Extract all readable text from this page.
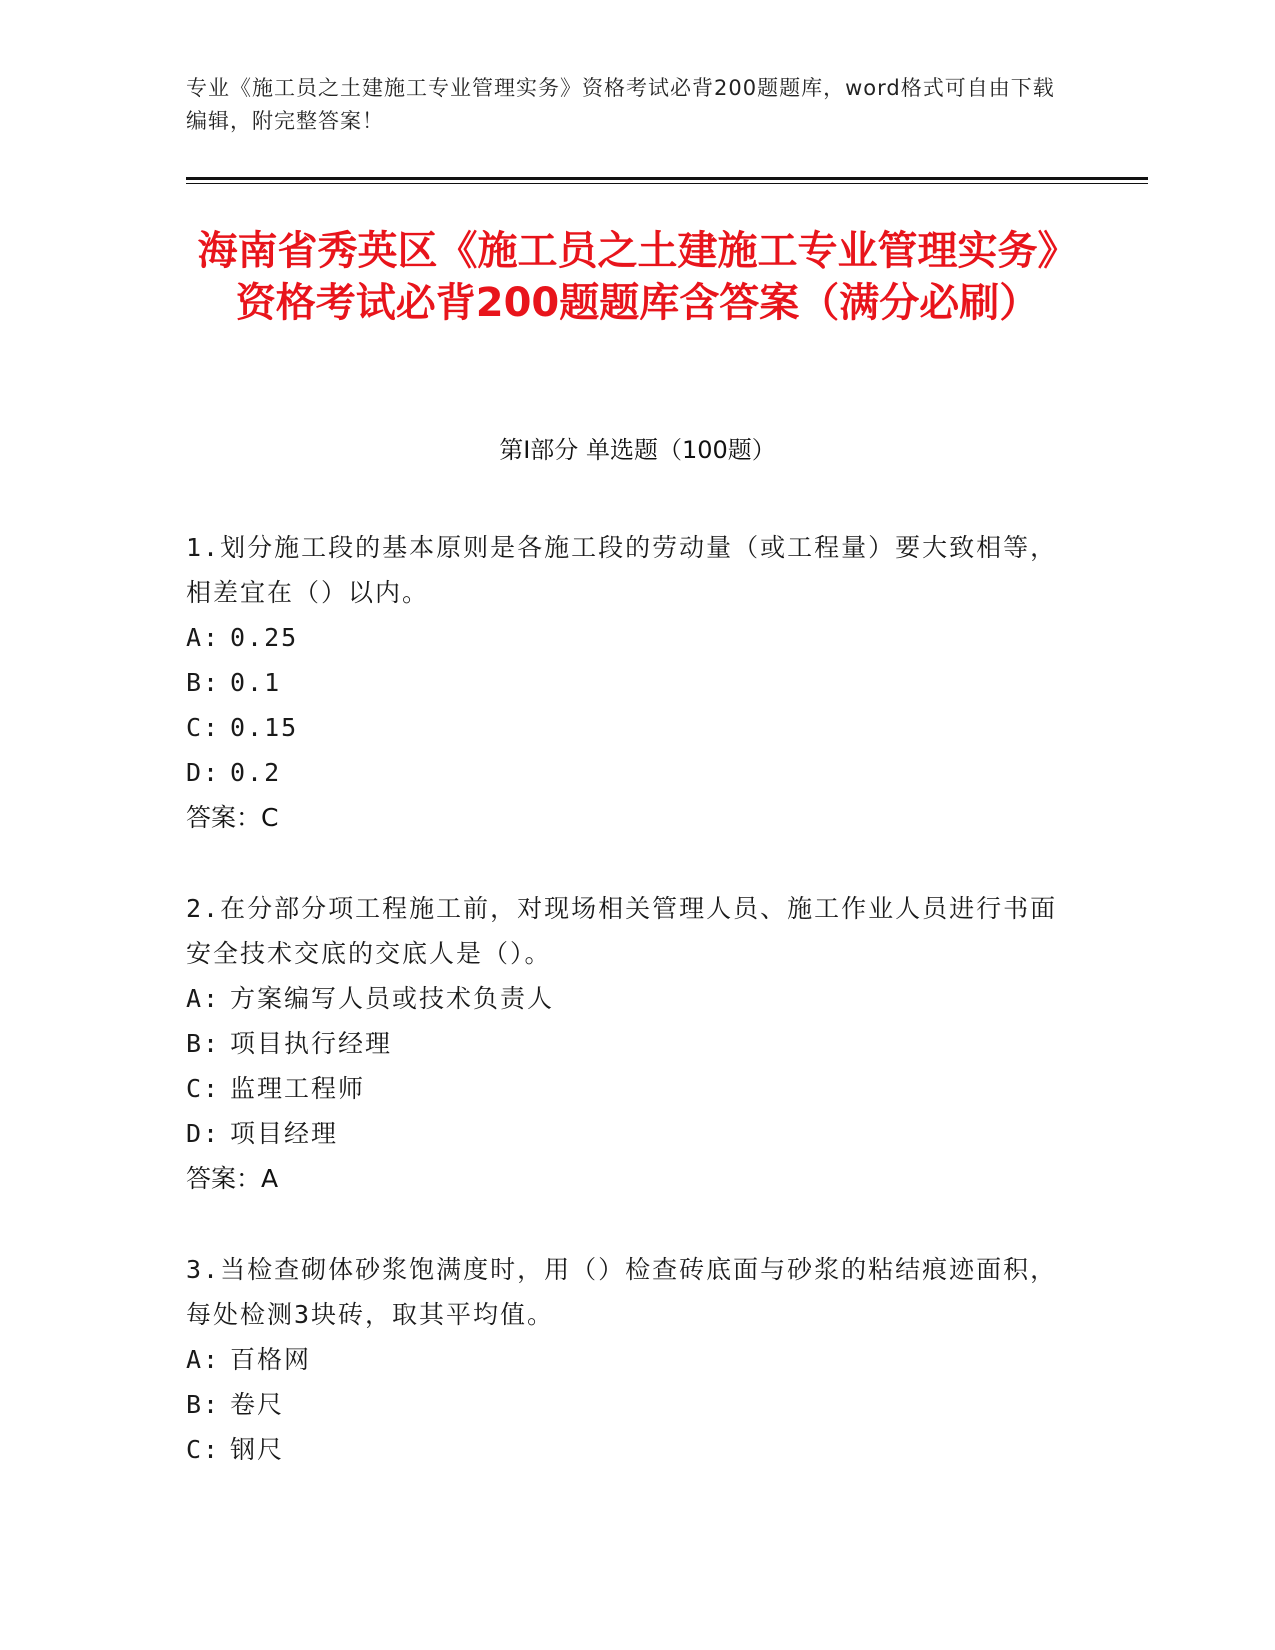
专业《施工员之土建施工专业管理实务》资格考试必背200题题库，word格式可自由下载编辑，附完整答案！
海南省秀英区《施工员之土建施工专业管理实务》资格考试必背200题题库含答案（满分必刷）
第I部分 单选题（100题）
1.划分施工段的基本原则是各施工段的劳动量（或工程量）要大致相等，相差宜在（）以内。
A: 0.25
B: 0.1
C: 0.15
D: 0.2
答案：C
2.在分部分项工程施工前，对现场相关管理人员、施工作业人员进行书面安全技术交底的交底人是（）。
A: 方案编写人员或技术负责人
B: 项目执行经理
C: 监理工程师
D: 项目经理
答案：A
3.当检查砌体砂浆饱满度时，用（）检查砖底面与砂浆的粘结痕迹面积，每处检测3块砖，取其平均值。
A: 百格网
B: 卷尺
C: 钢尺
